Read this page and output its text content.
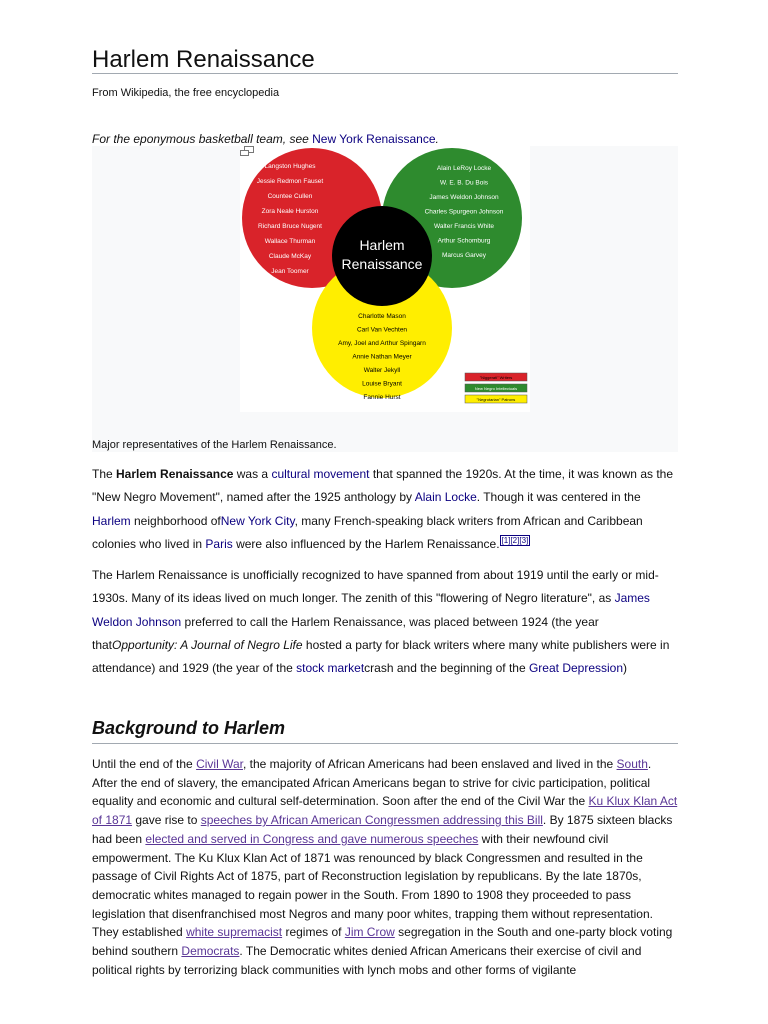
Harlem Renaissance
From Wikipedia, the free encyclopedia
For the eponymous basketball team, see New York Renaissance.
Harlem
Renaissance
Langston Hughes
Jessie Redmon Fauset
Countee Cullen
Zora Neale Hurston
Richard Bruce Nugent
Wallace Thurman
Claude McKay
Jean Toomer
Alain LeRoy Locke
W. E. B. Du Bois
James Weldon Johnson
Charles Spurgeon Johnson
Walter Francis White
Arthur Schomburg
Marcus Garvey
Charlotte Mason
Carl Van Vechten
Amy, Joel and Arthur Spingarn
Annie Nathan Meyer
Walter Jekyll
Louise Bryant
Fannie Hurst
"Niggerati" Writers
New Negro Intellectuals
"Negrotarian" Patrons
Major representatives of the Harlem Renaissance.
The Harlem Renaissance was a cultural movement that spanned the 1920s. At the time, it was known as the "New Negro Movement", named after the 1925 anthology by Alain Locke. Though it was centered in the Harlem neighborhood ofNew York City, many French-speaking black writers from African and Caribbean colonies who lived in Paris were also influenced by the Harlem Renaissance. [1][2][3]
The Harlem Renaissance is unofficially recognized to have spanned from about 1919 until the early or mid-1930s. Many of its ideas lived on much longer. The zenith of this "flowering of Negro literature", as James Weldon Johnson preferred to call the Harlem Renaissance, was placed between 1924 (the year thatOpportunity: A Journal of Negro Life hosted a party for black writers where many white publishers were in attendance) and 1929 (the year of the stock marketcrash and the beginning of the Great Depression)
Background to Harlem
Until the end of the Civil War, the majority of African Americans had been enslaved and lived in the South. After the end of slavery, the emancipated African Americans began to strive for civic participation, political equality and economic and cultural self-determination. Soon after the end of the Civil War the Ku Klux Klan Act of 1871 gave rise to speeches by African American Congressmen addressing this Bill. By 1875 sixteen blacks had been elected and served in Congress and gave numerous speeches with their newfound civil empowerment. The Ku Klux Klan Act of 1871 was renounced by black Congressmen and resulted in the passage of Civil Rights Act of 1875, part of Reconstruction legislation by republicans. By the late 1870s, democratic whites managed to regain power in the South. From 1890 to 1908 they proceeded to pass legislation that disenfranchised most Negros and many poor whites, trapping them without representation. They established white supremacist regimes of Jim Crow segregation in the South and one-party block voting behind southern Democrats. The Democratic whites denied African Americans their exercise of civil and political rights by terrorizing black communities with lynch mobs and other forms of vigilante
